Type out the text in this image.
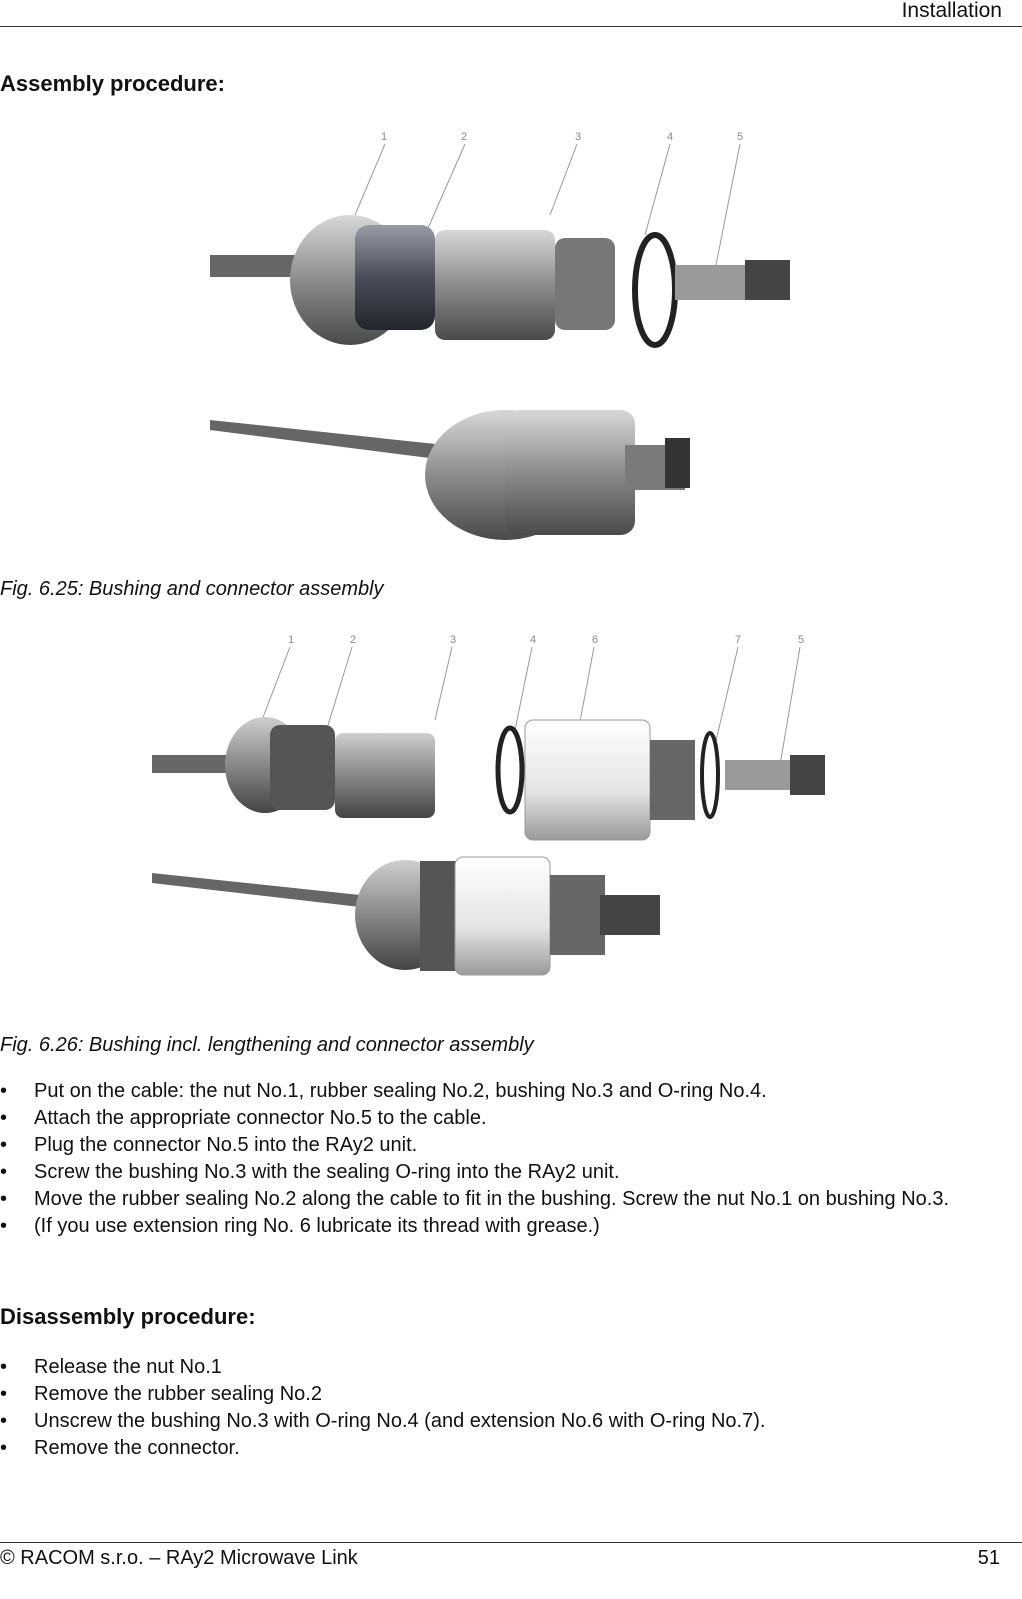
Installation
Assembly procedure:
1	2	3	4	5
Fig. 6.25: Bushing and connector assembly
1	2	3	4	6	7	5
Fig. 6.26: Bushing incl. lengthening and connector assembly
• Put on the cable: the nut No.1, rubber sealing No.2, bushing No.3 and O-ring No.4.
• Attach the appropriate connector No.5 to the cable.
• Plug the connector No.5 into the RAy2 unit.
• Screw the bushing No.3 with the sealing O-ring into the RAy2 unit.
• Move the rubber sealing No.2 along the cable to fit in the bushing. Screw the nut No.1 on bushing No.3.
• (If you use extension ring No. 6 lubricate its thread with grease.)
Disassembly procedure:
• Release the nut No.1
• Remove the rubber sealing No.2
• Unscrew the bushing No.3 with O-ring No.4 (and extension No.6 with O-ring No.7).
• Remove the connector.
© RACOM s.r.o. – RAy2 Microwave Link	51
